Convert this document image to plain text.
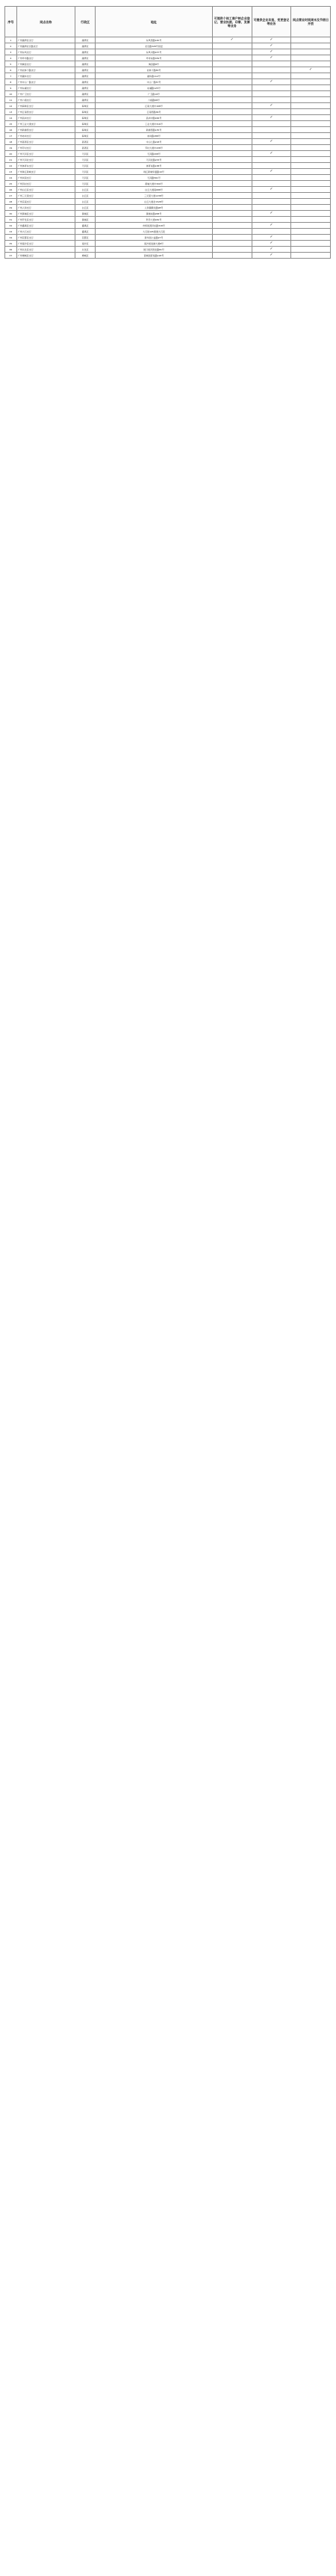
序号	网点名称	行政区	地址	可提供个体工商户转企业登记、营业执照、印章、发票等业务	可提供企业年报、变更登记等业务	网点营业时间周末及节假日开放
1	广州越秀区支行	越秀区	东风西路140号	✓	✓	
2	广州越秀北京路支行	越秀区	北京路328号首层		✓	
3	广州东风支行	越秀区	东风中路437号		✓	
4	广州环市路支行	越秀区	环市东路339号		✓	
5	广州淘金支行	越秀区	淘金路8号			
6	广州农林下路支行	越秀区	农林下路83号			✓
7	广州越华支行	越秀区	越华路112号			
8	广州中山一路支行	越秀区	中山一路57号		✓	
9	广州东湖支行	越秀区	东湖路125号			
10	广州广卫支行	越秀区	广卫路19号			
11	广州六榕支行	越秀区	六榕路68号			
12	广州海珠区支行	海珠区	江南大道中168号		✓	
13	广州江南西支行	海珠区	江南西路36号			
14	广州昌岗支行	海珠区	昌岗中路166号		✓	
15	广州工业大道支行	海珠区	工业大道中316号			
16	广州新港西支行	海珠区	新港西路135号			
17	广州赤岗支行	海珠区	赤岗路288号			
18	广州荔湾区支行	荔湾区	中山七路218号		✓	
19	广州芳村支行	荔湾区	芳村大道中438号			
20	广州天河区支行	天河区	天河路208号		✓	
21	广州天河北支行	天河区	天河北路233号			
22	广州体育东支行	天河区	体育东路138号			
23	广州珠江新城支行	天河区	珠江新城华夏路10号		✓	
24	广州岗顶支行	天河区	天河路561号			
25	广州员村支行	天河区	黄埔大道中309号			
26	广州白云区支行	白云区	白云大道南688号		✓	
27	广州三元里支行	白云区	三元里大道1238号			
28	广州京溪支行	白云区	白云大道北1528号			
29	广州人和支行	白云区	人和镇鹤龙路98号			
30	广州黄埔区支行	黄埔区	黄埔东路268号		✓	
31	广州开发区支行	黄埔区	科学大道182号			
32	广州番禺区支行	番禺区	市桥街清河东路318号		✓	
33	广州大石支行	番禺区	大石街105国道大石段			
34	广州花都区支行	花都区	新华街公益路27号		✓	
35	广州南沙区支行	南沙区	南沙街进港大道8号		✓	
36	广州从化区支行	从化区	街口街河滨北路81号		✓	
37	广州增城区支行	增城区	荔城街府佑路118号		✓	
